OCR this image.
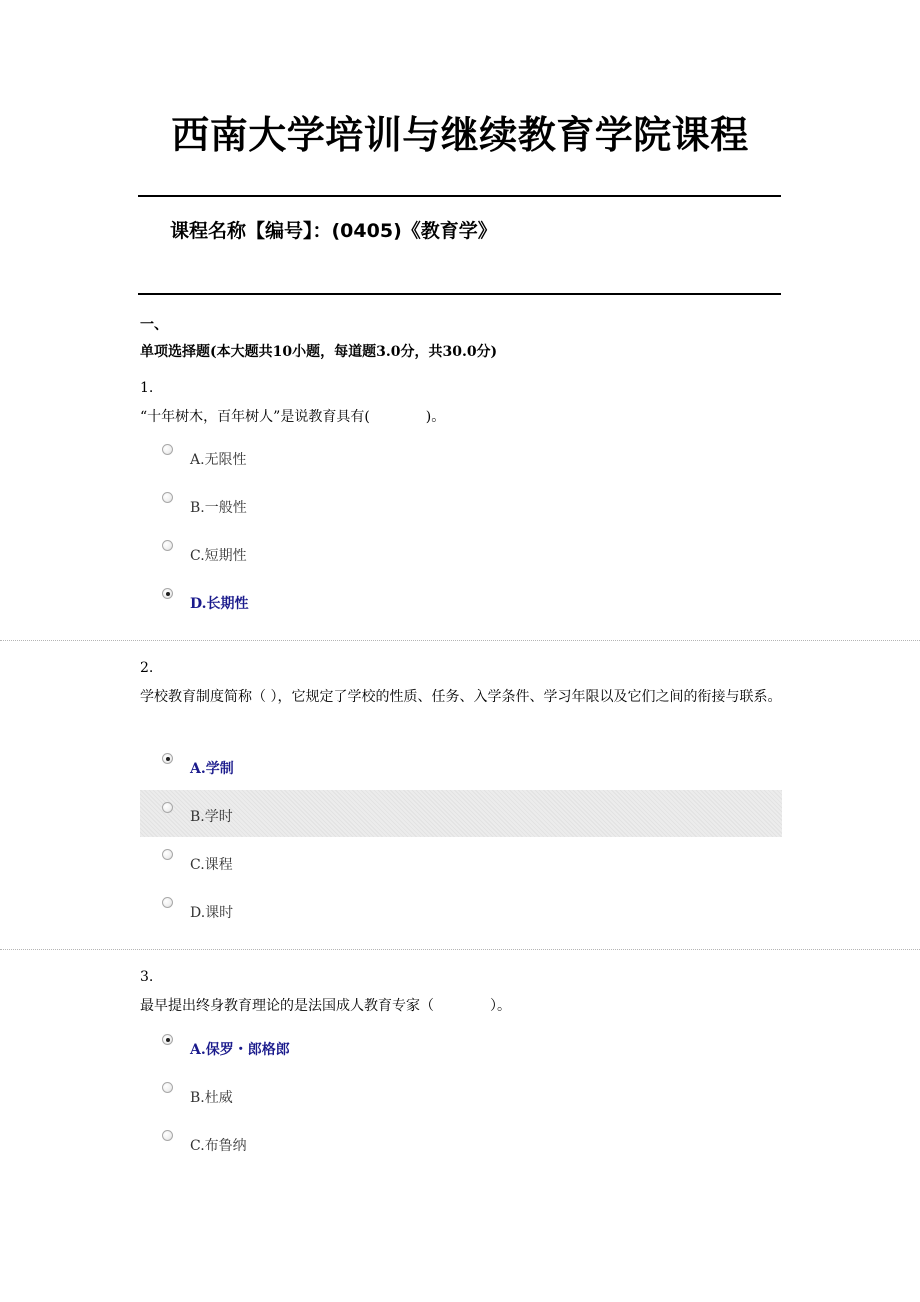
西南大学培训与继续教育学院课程
课程名称【编号】：(0405)《教育学》
一、
单项选择题(本大题共10小题，每道题3.0分，共30.0分)
1.
“十年树木，百年树人”是说教育具有(　　　　)。
A.无限性
B.一般性
C.短期性
D.长期性
2.
学校教育制度简称（ ），它规定了学校的性质、任务、入学条件、学习年限以及它们之间的衔接与联系。
A.学制
B.学时
C.课程
D.课时
3.
最早提出终身教育理论的是法国成人教育专家（　　　　）。
A.保罗・郎格郎
B.杜威
C.布鲁纳
